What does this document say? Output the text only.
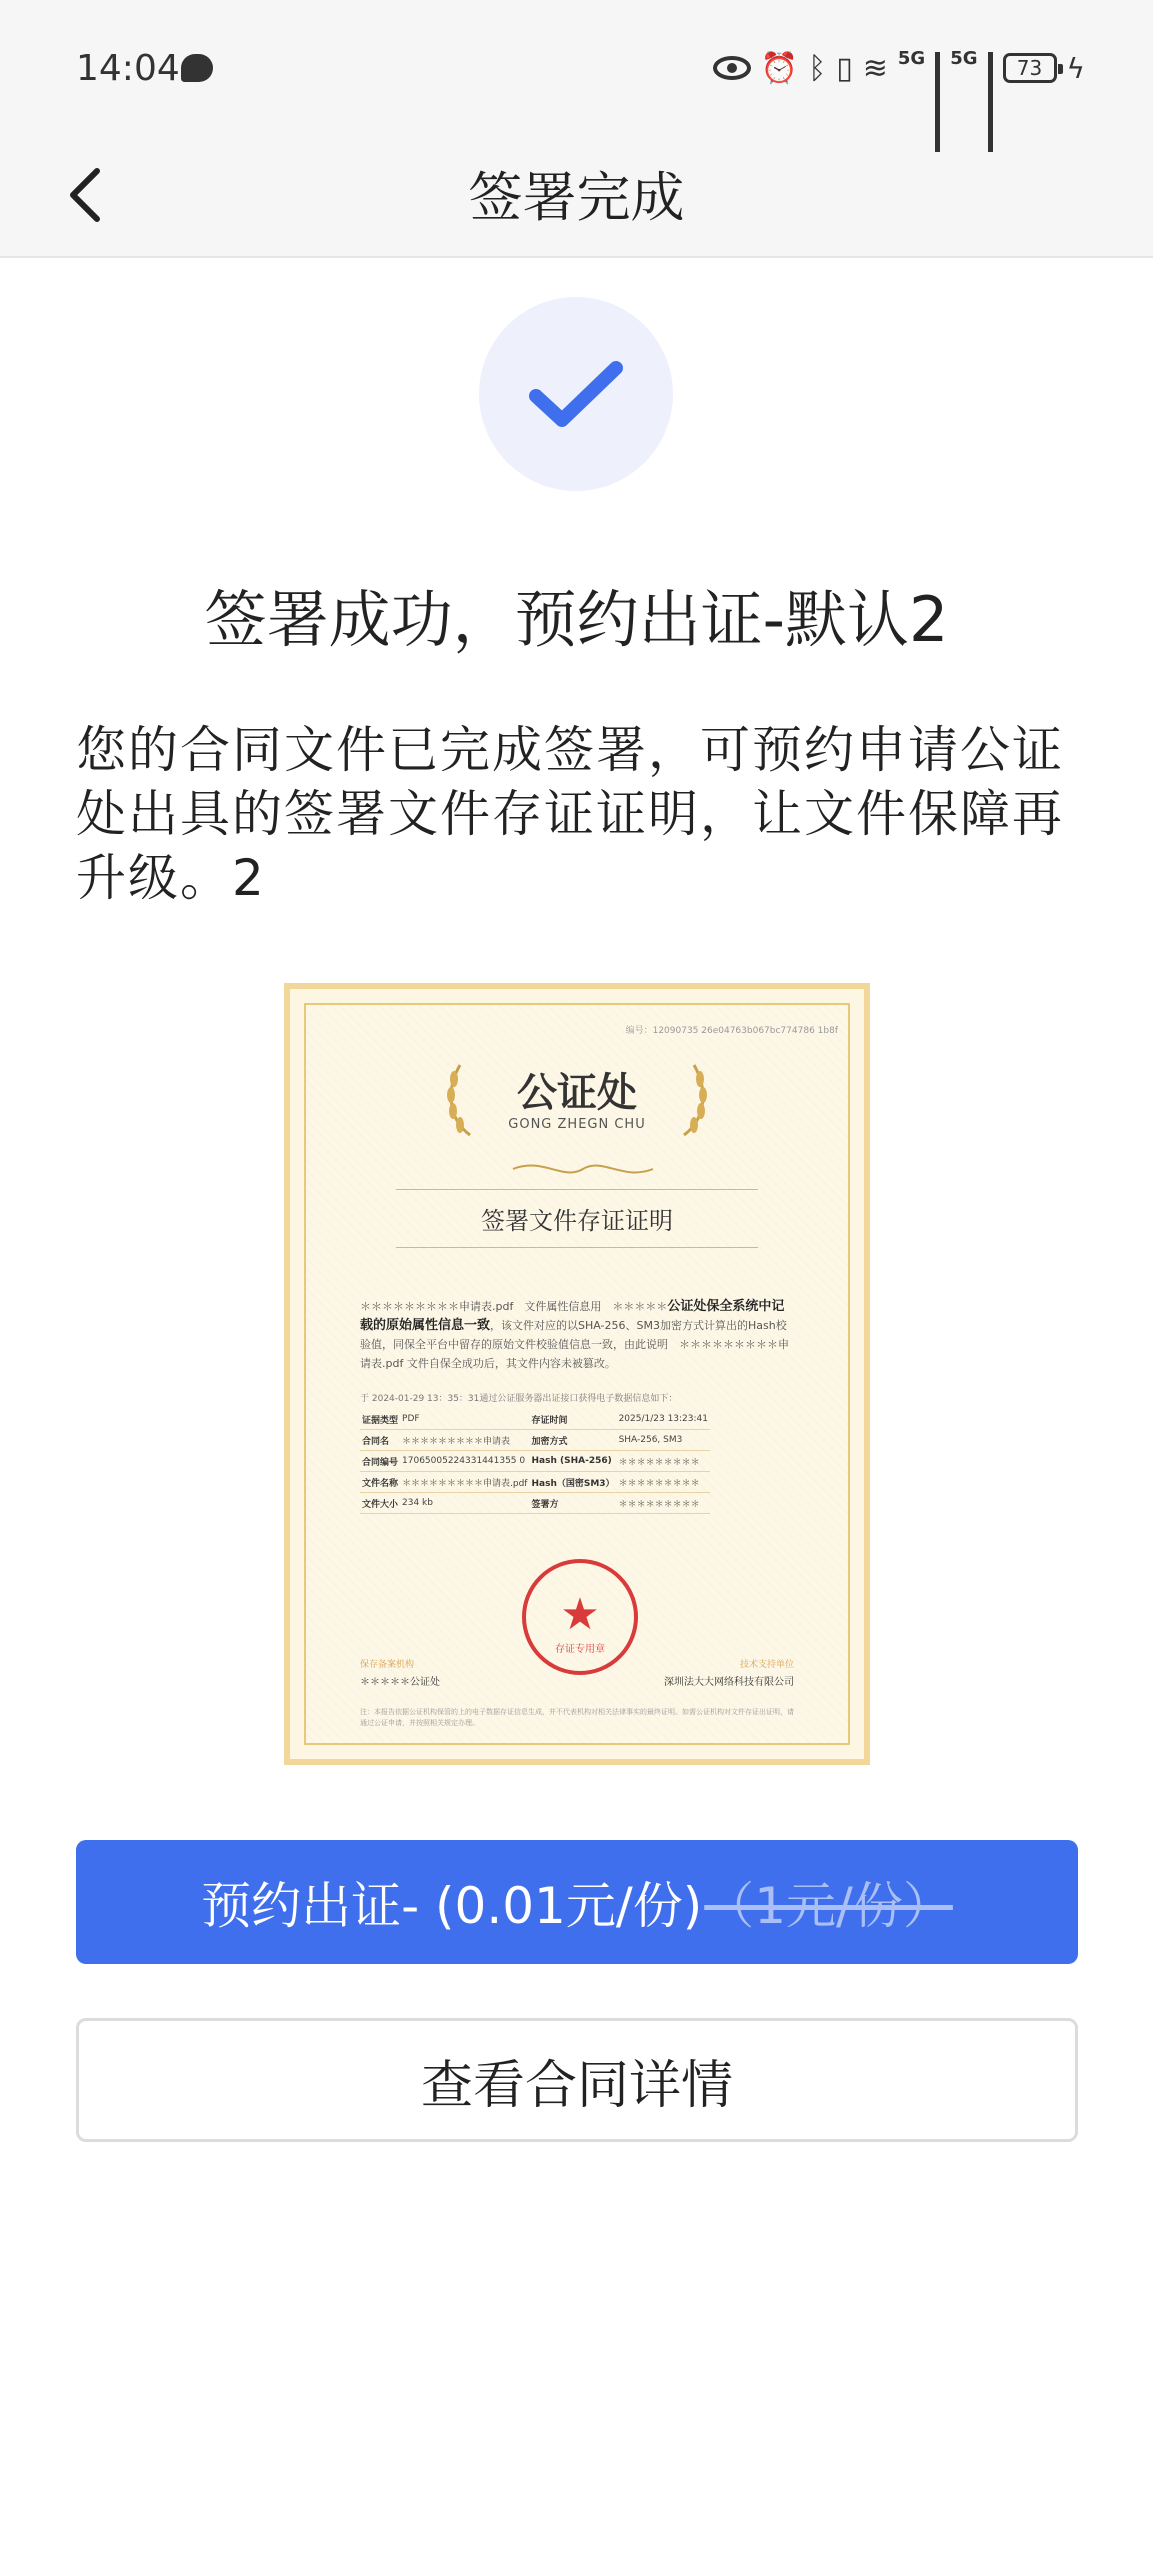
14:04	⏰ ᛒ ▯ ≋ 5G 5G	73 ϟ
签署完成
签署成功，预约出证-默认2
您的合同文件已完成签署，可预约申请公证处出具的签署文件存证证明，让文件保障再升级。2
编号：12090735 26e04763b067bc774786 1b8f
公证处
GONG ZHEGN CHU
签署文件存证证明
＊＊＊＊＊＊＊＊＊申请表.pdf　文件属性信息用　＊＊＊＊＊公证处保全系统中记载的原始属性信息一致，该文件对应的以SHA-256、SM3加密方式计算出的Hash校验值，同保全平台中留存的原始文件校验值信息一致，由此说明　＊＊＊＊＊＊＊＊＊申请表.pdf 文件自保全成功后，其文件内容未被篡改。
于 2024-01-29 13：35：31通过公证服务器出证接口获得电子数据信息如下：
证据类型	PDF	存证时间	2025/1/23 13:23:41
合同名	＊＊＊＊＊＊＊＊＊申请表	加密方式	SHA-256, SM3
合同编号	17065005224331441355 0	Hash (SHA-256)	＊＊＊＊＊＊＊＊＊
文件名称	＊＊＊＊＊＊＊＊＊申请表.pdf	Hash（国密SM3）	＊＊＊＊＊＊＊＊＊
文件大小	234 kb	签署方	＊＊＊＊＊＊＊＊＊
★
存证专用章
保存备案机构
＊＊＊＊＊公证处
技术支持单位
深圳法大大网络科技有限公司
注：本报告依据公证机构保管的上的电子数据存证信息生成，并不代表机构对相关法律事实的最终证明。如需公证机构对文件存证出证明，请通过公证申请，并按照相关规定办理。
预约出证- (0.01元/份) （1元/份）
查看合同详情
